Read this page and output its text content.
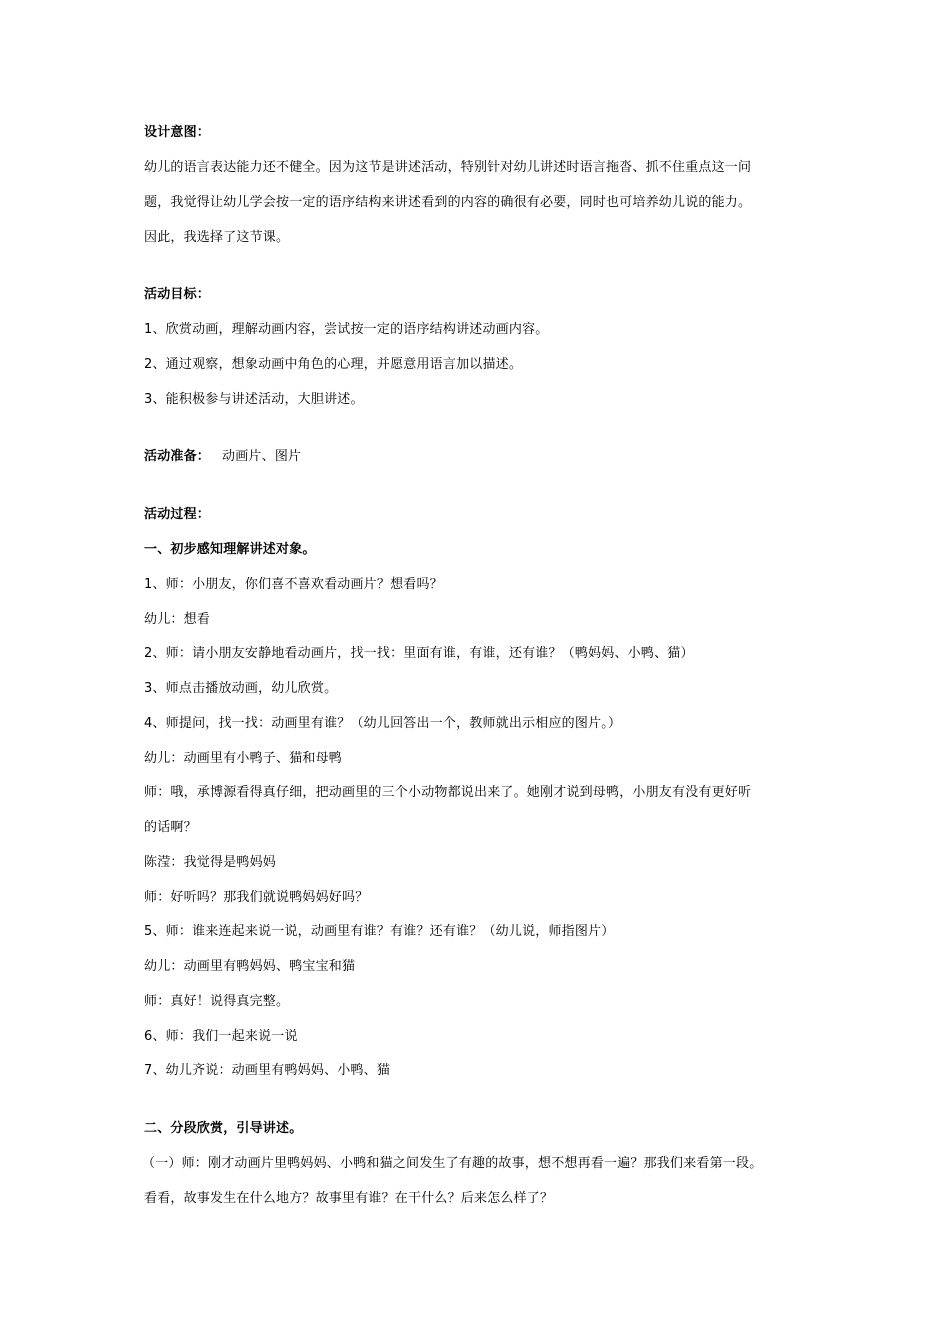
设计意图：
幼儿的语言表达能力还不健全。因为这节是讲述活动，特别针对幼儿讲述时语言拖沓、抓不住重点这一问
题，我觉得让幼儿学会按一定的语序结构来讲述看到的内容的确很有必要，同时也可培养幼儿说的能力。
因此，我选择了这节课。
活动目标：
1、欣赏动画，理解动画内容，尝试按一定的语序结构讲述动画内容。
2、通过观察，想象动画中角色的心理，并愿意用语言加以描述。
3、能积极参与讲述活动，大胆讲述。
活动准备： 动画片、图片
活动过程：
一、初步感知理解讲述对象。
1、师：小朋友，你们喜不喜欢看动画片？想看吗？
幼儿：想看
2、师：请小朋友安静地看动画片，找一找：里面有谁，有谁，还有谁？（鸭妈妈、小鸭、猫）
3、师点击播放动画，幼儿欣赏。
4、师提问，找一找：动画里有谁？（幼儿回答出一个，教师就出示相应的图片。）
幼儿：动画里有小鸭子、猫和母鸭
师：哦，承博源看得真仔细，把动画里的三个小动物都说出来了。她刚才说到母鸭，小朋友有没有更好听
的话啊？
陈滢：我觉得是鸭妈妈
师：好听吗？那我们就说鸭妈妈好吗？
5、师：谁来连起来说一说，动画里有谁？有谁？还有谁？（幼儿说，师指图片）
幼儿：动画里有鸭妈妈、鸭宝宝和猫
师：真好！说得真完整。
6、师：我们一起来说一说
7、幼儿齐说：动画里有鸭妈妈、小鸭、猫
二、分段欣赏，引导讲述。
（一）师：刚才动画片里鸭妈妈、小鸭和猫之间发生了有趣的故事，想不想再看一遍？那我们来看第一段。
看看，故事发生在什么地方？故事里有谁？在干什么？后来怎么样了？
